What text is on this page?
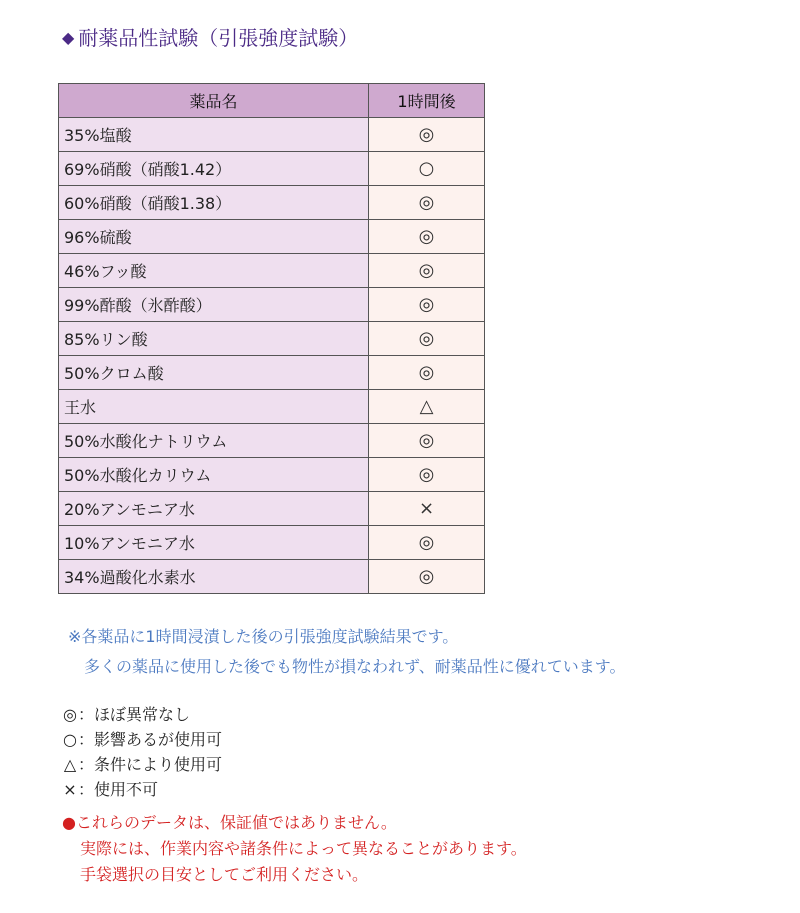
◆ 耐薬品性試験（引張強度試験）
薬品名	1時間後
35%塩酸	◎
69%硝酸（硝酸1.42）	○
60%硝酸（硝酸1.38）	◎
96%硫酸	◎
46%フッ酸	◎
99%酢酸（氷酢酸）	◎
85%リン酸	◎
50%クロム酸	◎
王水	△
50%水酸化ナトリウム	◎
50%水酸化カリウム	◎
20%アンモニア水	×
10%アンモニア水	◎
34%過酸化水素水	◎
※各薬品に1時間浸漬した後の引張強度試験結果です。
多くの薬品に使用した後でも物性が損なわれず、耐薬品性に優れています。
◎：ほぼ異常なし
○：影響あるが使用可
△ ：条件により使用可
×：使用不可
●これらのデータは、保証値ではありません。
実際には、作業内容や諸条件によって異なることがあります。
手袋選択の目安としてご利用ください。
